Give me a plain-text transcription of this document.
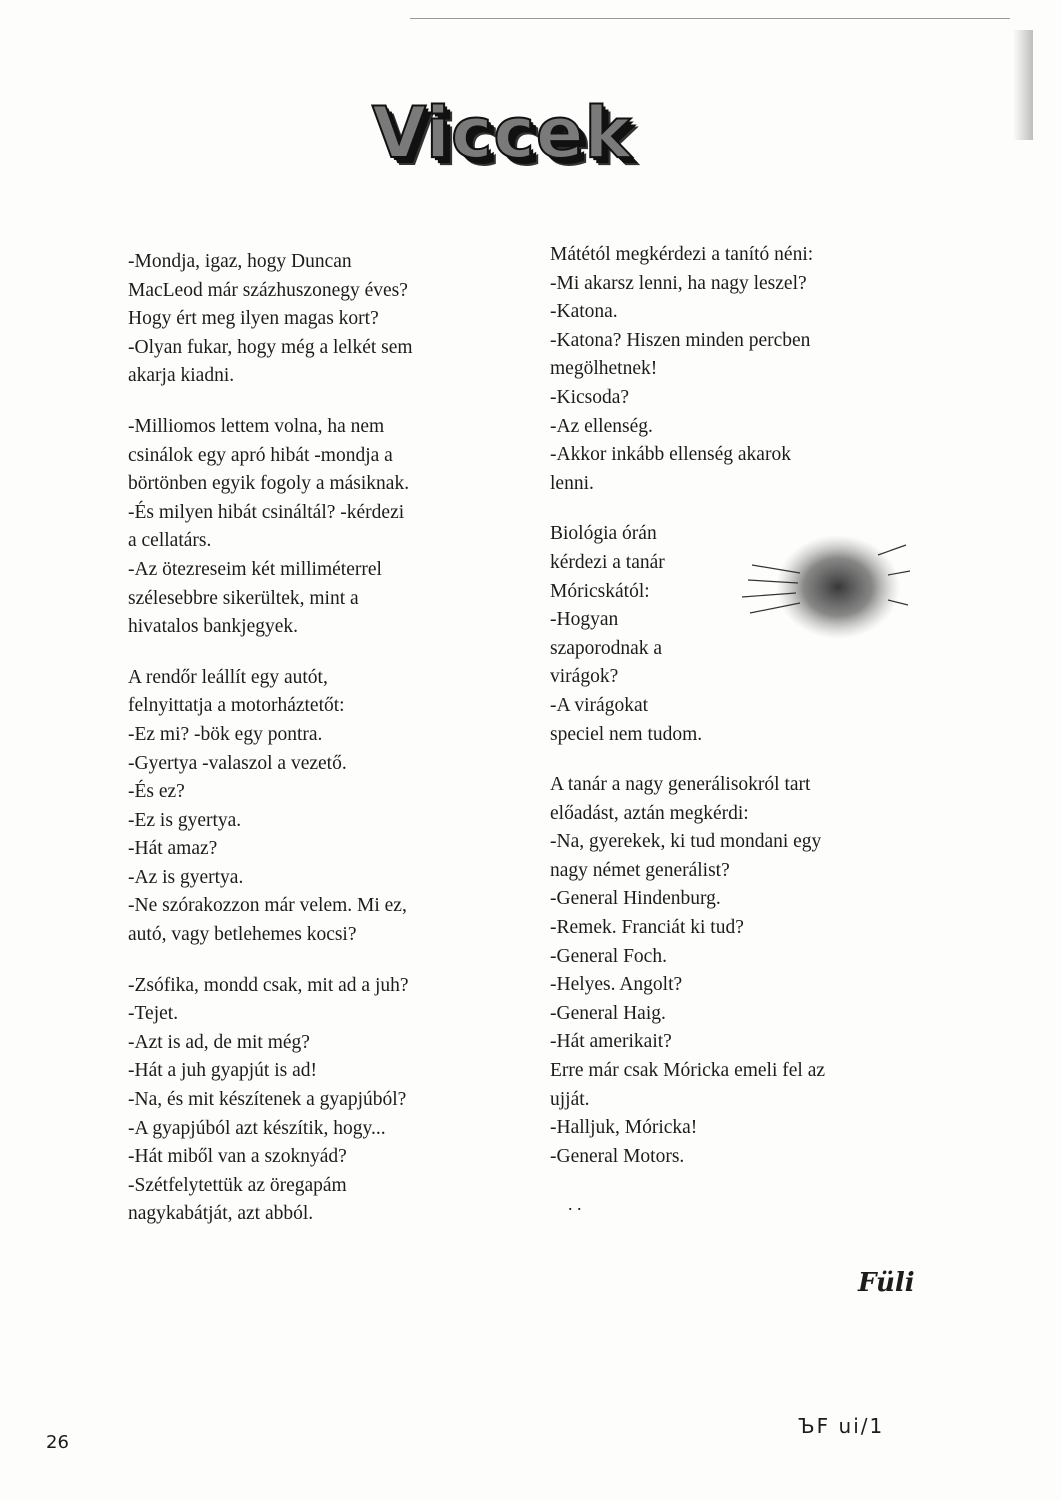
Viccek
-Mondja, igaz, hogy Duncan
MacLeod már százhuszonegy éves?
Hogy ért meg ilyen magas kort?
-Olyan fukar, hogy még a lelkét sem
akarja kiadni.
-Milliomos lettem volna, ha nem
csinálok egy apró hibát -mondja a
börtönben egyik fogoly a másiknak.
-És milyen hibát csináltál? -kérdezi
a cellatárs.
-Az ötezreseim két milliméterrel
szélesebbre sikerültek, mint a
hivatalos bankjegyek.
A rendőr leállít egy autót,
felnyittatja a motorháztetőt:
-Ez mi? -bök egy pontra.
-Gyertya -valaszol a vezető.
-És ez?
-Ez is gyertya.
-Hát amaz?
-Az is gyertya.
-Ne szórakozzon már velem. Mi ez,
autó, vagy betlehemes kocsi?
-Zsófika, mondd csak, mit ad a juh?
-Tejet.
-Azt is ad, de mit még?
-Hát a juh gyapjút is ad!
-Na, és mit készítenek a gyapjúból?
-A gyapjúból azt készítik, hogy...
-Hát miből van a szoknyád?
-Szétfelytettük az öregapám
nagykabátját, azt abból.
Mátétól megkérdezi a tanító néni:
-Mi akarsz lenni, ha nagy leszel?
-Katona.
-Katona? Hiszen minden percben
megölhetnek!
-Kicsoda?
-Az ellenség.
-Akkor inkább ellenség akarok
lenni.
Biológia órán
kérdezi a tanár
Móricskától:
-Hogyan
szaporodnak a
virágok?
-A virágokat
speciel nem tudom.
A tanár a nagy generálisokról tart
előadást, aztán megkérdi:
-Na, gyerekek, ki tud mondani egy
nagy német generálist?
-General Hindenburg.
-Remek. Franciát ki tud?
-General Foch.
-Helyes. Angolt?
-General Haig.
-Hát amerikait?
Erre már csak Móricka emeli fel az
ujját.
-Halljuk, Móricka!
-General Motors.
. .
Füli
26
ЪF ui/1
